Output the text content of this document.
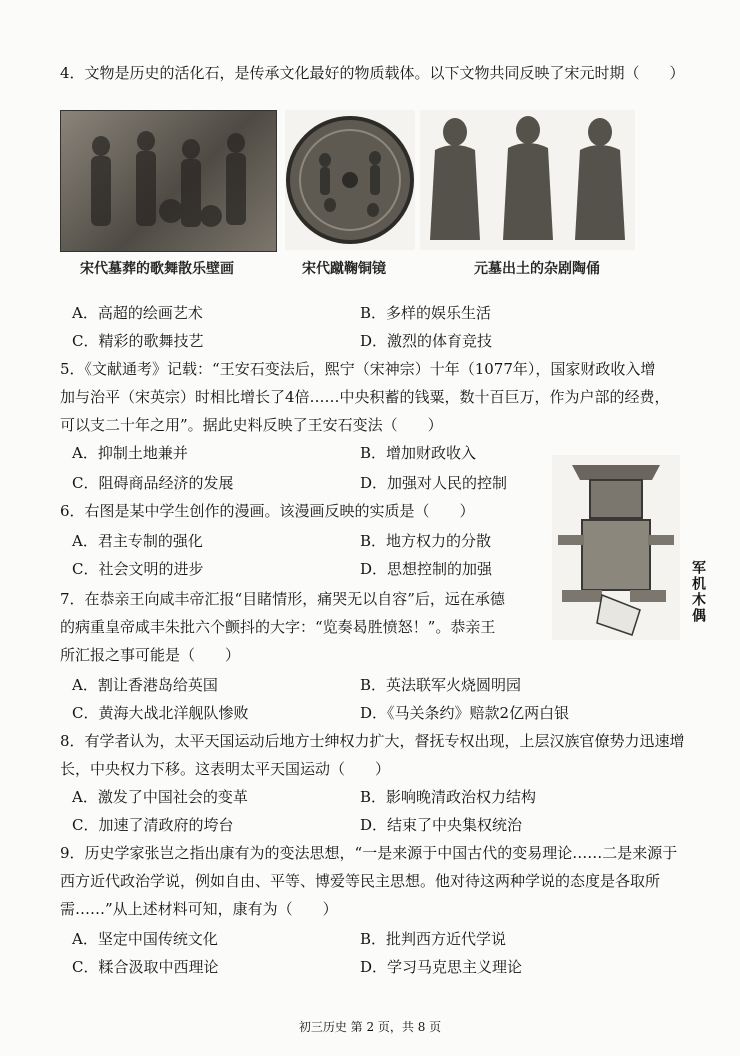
4．文物是历史的活化石，是传承文化最好的物质载体。以下文物共同反映了宋元时期（　　）
宋代墓葬的歌舞散乐壁画	宋代蹴鞠铜镜	元墓出土的杂剧陶俑
A．高超的绘画艺术	B．多样的娱乐生活
C．精彩的歌舞技艺	D．激烈的体育竞技
5．《文献通考》记载：“王安石变法后，熙宁（宋神宗）十年（1077年），国家财政收入增
加与治平（宋英宗）时相比增长了4倍……中央积蓄的钱粟，数十百巨万，作为户部的经费，
可以支二十年之用”。据此史料反映了王安石变法（　　）
A．抑制土地兼并	B．增加财政收入
C．阻碍商品经济的发展	D．加强对人民的控制
6．右图是某中学生创作的漫画。该漫画反映的实质是（　　）
A．君主专制的强化	B．地方权力的分散
C．社会文明的进步	D．思想控制的加强	军机木偶
7．在恭亲王向咸丰帝汇报“目睹情形，痛哭无以自容”后，远在承德
的病重皇帝咸丰朱批六个颤抖的大字：“览奏曷胜愤怒！”。恭亲王
所汇报之事可能是（　　）
A．割让香港岛给英国	B．英法联军火烧圆明园
C．黄海大战北洋舰队惨败	D．《马关条约》赔款2亿两白银
8．有学者认为，太平天国运动后地方士绅权力扩大，督抚专权出现，上层汉族官僚势力迅速增
长，中央权力下移。这表明太平天国运动（　　）
A．激发了中国社会的变革	B．影响晚清政治权力结构
C．加速了清政府的垮台	D．结束了中央集权统治
9．历史学家张岂之指出康有为的变法思想，“一是来源于中国古代的变易理论……二是来源于
西方近代政治学说，例如自由、平等、博爱等民主思想。他对待这两种学说的态度是各取所
需……”从上述材料可知，康有为（　　）
A．坚定中国传统文化	B．批判西方近代学说
C．糅合汲取中西理论	D．学习马克思主义理论
初三历史 第 2 页，共 8 页
